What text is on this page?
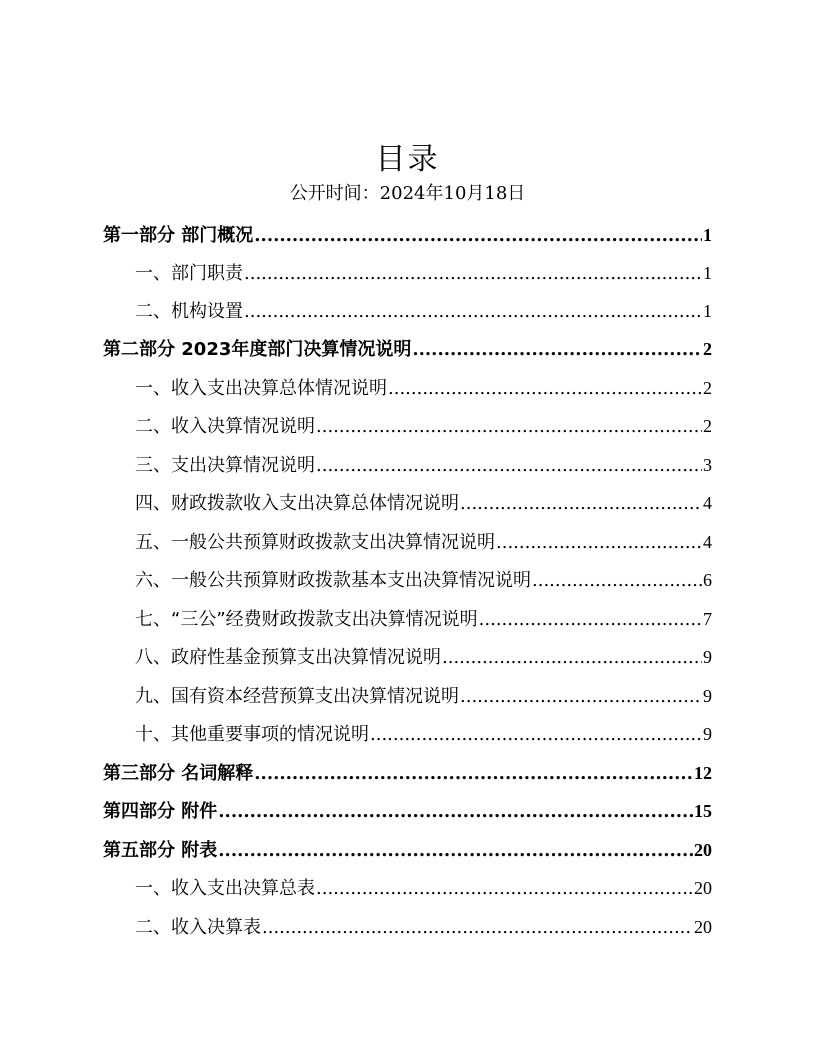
目录
公开时间：2024年10月18日
第一部分 部门概况 .....	1
一、部门职责 .....	1
二、机构设置 .....	1
第二部分 2023年度部门决算情况说明 .....	2
一、收入支出决算总体情况说明 .....	2
二、收入决算情况说明 .....	2
三、支出决算情况说明 .....	3
四、财政拨款收入支出决算总体情况说明 .....	4
五、一般公共预算财政拨款支出决算情况说明 .....	4
六、一般公共预算财政拨款基本支出决算情况说明 .....	6
七、“三公”经费财政拨款支出决算情况说明 .....	7
八、政府性基金预算支出决算情况说明 .....	9
九、国有资本经营预算支出决算情况说明 .....	9
十、其他重要事项的情况说明 .....	9
第三部分 名词解释 .....	12
第四部分 附件 .....	15
第五部分 附表 .....	20
一、收入支出决算总表 .....	20
二、收入决算表 .....	20
